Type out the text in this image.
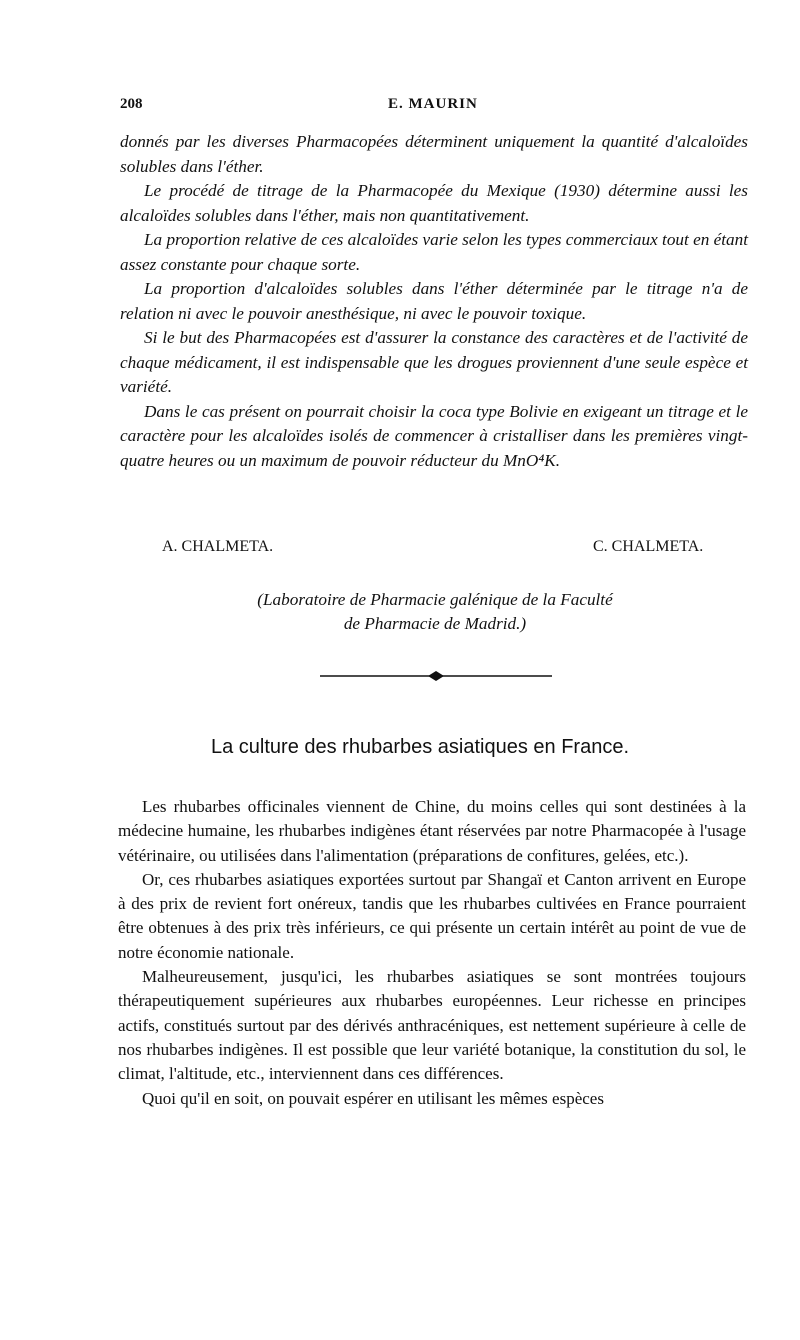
208	E. MAURIN

donnés par les diverses Pharmacopées déterminent uniquement la quantité d'alcaloïdes solubles dans l'éther.

Le procédé de titrage de la Pharmacopée du Mexique (1930) détermine aussi les alcaloïdes solubles dans l'éther, mais non quantitativement.

La proportion relative de ces alcaloïdes varie selon les types commerciaux tout en étant assez constante pour chaque sorte.

La proportion d'alcaloïdes solubles dans l'éther déterminée par le titrage n'a de relation ni avec le pouvoir anesthésique, ni avec le pouvoir toxique.

Si le but des Pharmacopées est d'assurer la constance des caractères et de l'activité de chaque médicament, il est indispensable que les drogues proviennent d'une seule espèce et variété.

Dans le cas présent on pourrait choisir la coca type Bolivie en exigeant un titrage et le caractère pour les alcaloïdes isolés de commencer à cristalliser dans les premières vingt-quatre heures ou un maximum de pouvoir réducteur du MnO⁴K.

A. CHALMETA.	C. CHALMETA.
(Laboratoire de Pharmacie galénique de la Faculté
de Pharmacie de Madrid.)
La culture des rhubarbes asiatiques en France.

Les rhubarbes officinales viennent de Chine, du moins celles qui sont destinées à la médecine humaine, les rhubarbes indigènes étant réservées par notre Pharmacopée à l'usage vétérinaire, ou utilisées dans l'alimentation (préparations de confitures, gelées, etc.).

Or, ces rhubarbes asiatiques exportées surtout par Shangaï et Canton arrivent en Europe à des prix de revient fort onéreux, tandis que les rhubarbes cultivées en France pourraient être obtenues à des prix très inférieurs, ce qui présente un certain intérêt au point de vue de notre économie nationale.

Malheureusement, jusqu'ici, les rhubarbes asiatiques se sont montrées toujours thérapeutiquement supérieures aux rhubarbes européennes. Leur richesse en principes actifs, constitués surtout par des dérivés anthracéniques, est nettement supérieure à celle de nos rhubarbes indigènes. Il est possible que leur variété botanique, la constitution du sol, le climat, l'altitude, etc., interviennent dans ces différences.

Quoi qu'il en soit, on pouvait espérer en utilisant les mêmes espèces
